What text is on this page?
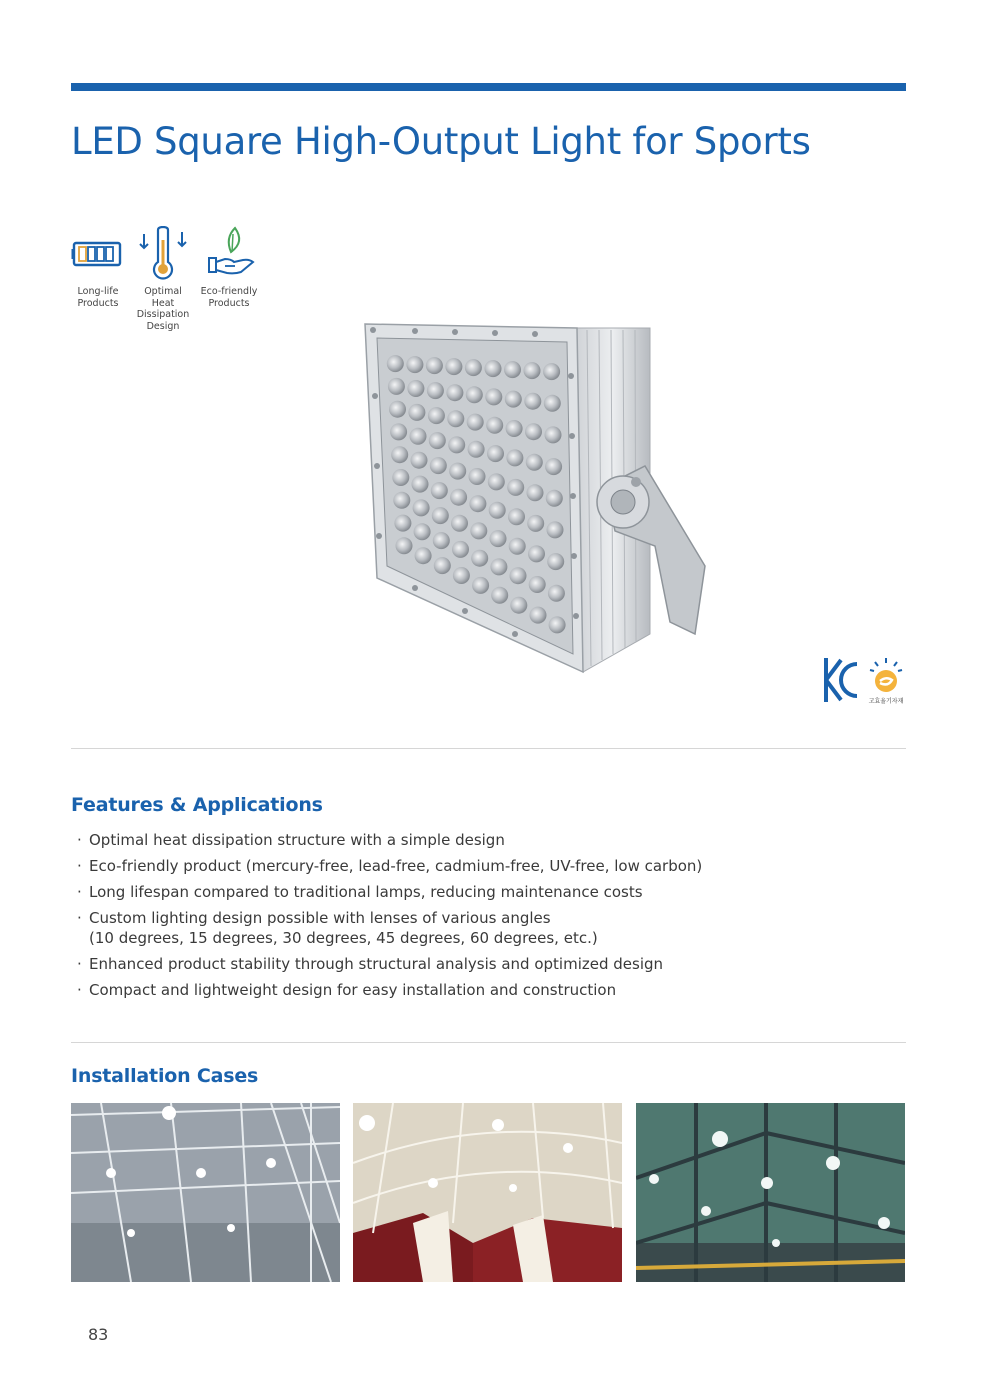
LED Square High-Output Light for Sports
Long-life
Products
Optimal
Heat
Dissipation
Design
Eco-friendly
Products
KC
고효율기자재
Features & Applications
· Optimal heat dissipation structure with a simple design
· Eco-friendly product (mercury-free, lead-free, cadmium-free, UV-free, low carbon)
· Long lifespan compared to traditional lamps, reducing maintenance costs
· Custom lighting design possible with lenses of various angles
(10 degrees, 15 degrees, 30 degrees, 45 degrees, 60 degrees, etc.)
· Enhanced product stability through structural analysis and optimized design
· Compact and lightweight design for easy installation and construction
Installation Cases
83
